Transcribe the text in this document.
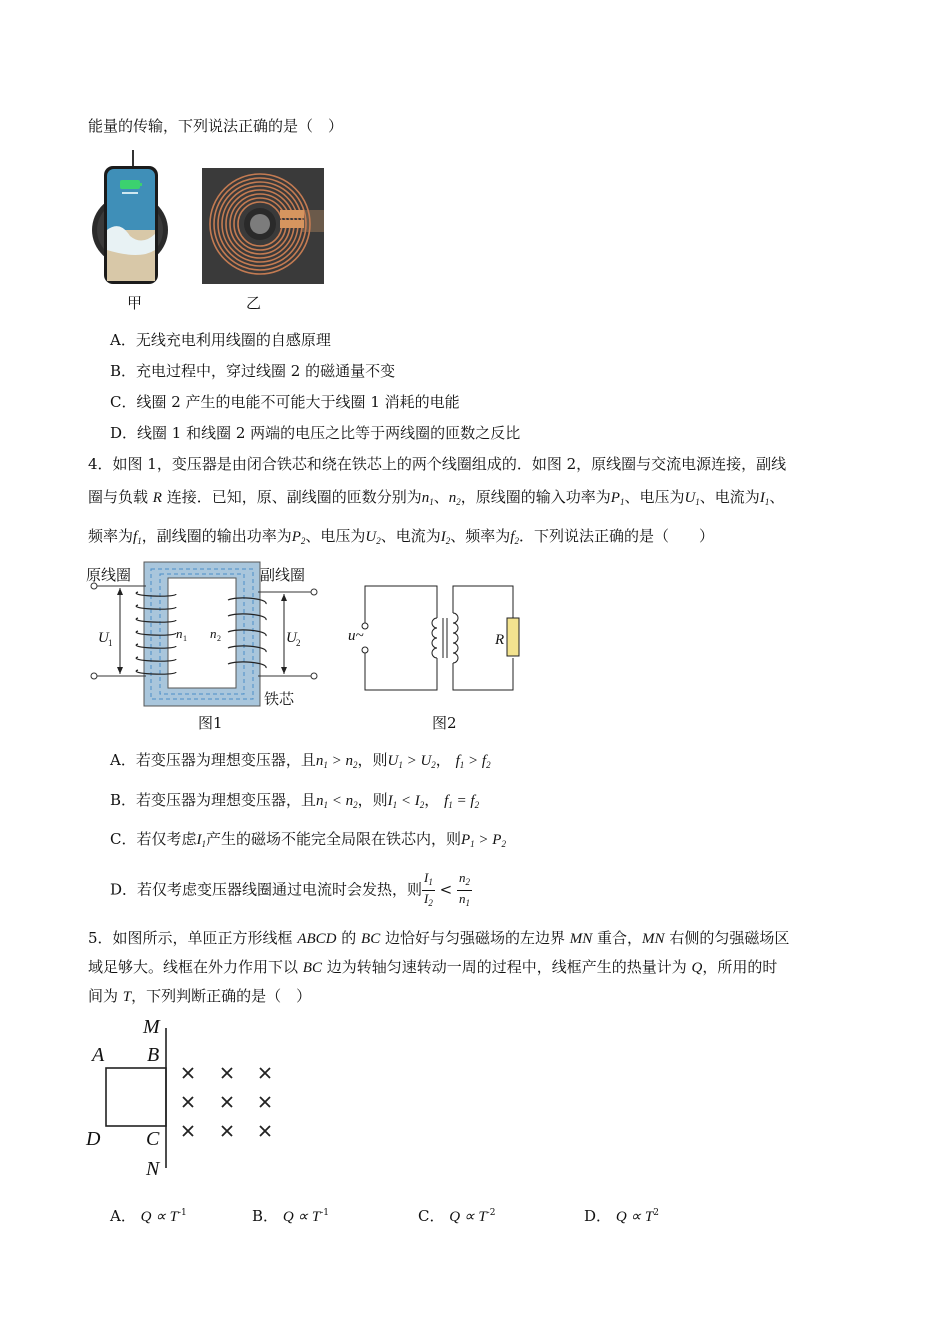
能量的传输，下列说法正确的是（　）
甲	乙
A．无线充电利用线圈的自感原理
B．充电过程中，穿过线圈 2 的磁通量不变
C．线圈 2 产生的电能不可能大于线圈 1 消耗的电能
D．线圈 1 和线圈 2 两端的电压之比等于两线圈的匝数之反比
4．如图 1，变压器是由闭合铁芯和绕在铁芯上的两个线圈组成的．如图 2，原线圈与交流电源连接，副线
圈与负载 R 连接．已知，原、副线圈的匝数分别为$n_1$、$n_2$，原线圈的输入功率为$P_1$、电压为$U_1$、电流为$I_1$、
频率为$f_1$，副线圈的输出功率为$P_2$、电压为$U_2$、电流为$I_2$、频率为$f_2$．下列说法正确的是（　　）
U 1	U 2
n 1 n 2
原线圈	副线圈
铁芯
图1
u~	R
图2
A．若变压器为理想变压器，且$n_1 > n_2$，则$U_1 > U_2$， $f_1 > f_2$
B．若变压器为理想变压器，且$n_1 < n_2$，则$I_1 < I_2$， $f_1 = f_2$
C．若仅考虑$I_1$产生的磁场不能完全局限在铁芯内，则$P_1 > P_2$
D．若仅考虑变压器线圈通过电流时会发热，则 $\frac{I_1}{I_2} < \frac{n_2}{n_1}$
5．如图所示，单匝正方形线框 ABCD 的 BC 边恰好与匀强磁场的左边界 MN 重合，MN 右侧的匀强磁场区
域足够大。线框在外力作用下以 BC 边为转轴匀速转动一周的过程中，线框产生的热量计为 Q，所用的时
间为 T，下列判断正确的是（　）
M
A B
D C
N
A． $Q \propto T^{-1}$	B． $Q \propto T^{-1}$	C． $Q \propto T^{-2}$	D． $Q \propto T^2$
